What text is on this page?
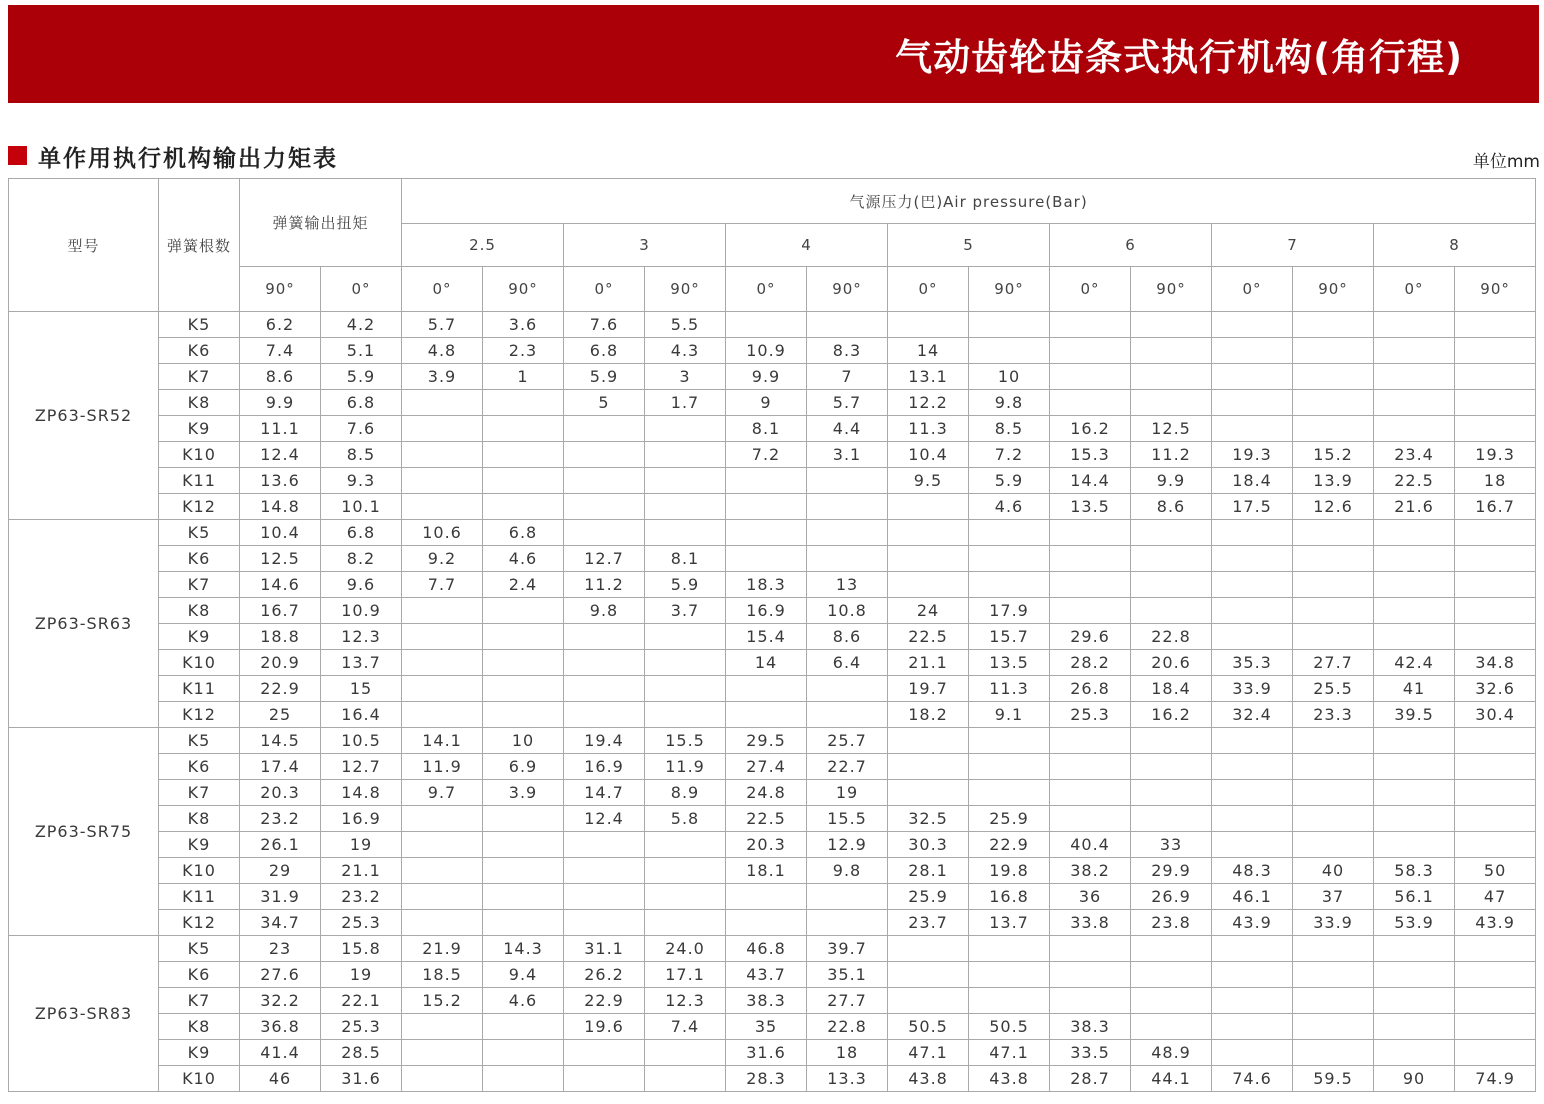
气动齿轮齿条式执行机构(角行程)
单作用执行机构输出力矩表	单位mm
型号	弹簧根数	弹簧输出扭矩		气源压力(巴)Air pressure(Bar)													
				2.5		3		4		5		6		7		8	
		90°	0°	0°	90°	0°	90°	0°	90°	0°	90°	0°	90°	0°	90°	0°	90°
ZP63-SR52	K5	6.2	4.2	5.7	3.6	7.6	5.5										
	K6	7.4	5.1	4.8	2.3	6.8	4.3	10.9	8.3	14							
	K7	8.6	5.9	3.9	1	5.9	3	9.9	7	13.1	10						
	K8	9.9	6.8			5	1.7	9	5.7	12.2	9.8						
	K9	11.1	7.6					8.1	4.4	11.3	8.5	16.2	12.5				
	K10	12.4	8.5					7.2	3.1	10.4	7.2	15.3	11.2	19.3	15.2	23.4	19.3
	K11	13.6	9.3							9.5	5.9	14.4	9.9	18.4	13.9	22.5	18
	K12	14.8	10.1								4.6	13.5	8.6	17.5	12.6	21.6	16.7
ZP63-SR63	K5	10.4	6.8	10.6	6.8												
	K6	12.5	8.2	9.2	4.6	12.7	8.1										
	K7	14.6	9.6	7.7	2.4	11.2	5.9	18.3	13								
	K8	16.7	10.9			9.8	3.7	16.9	10.8	24	17.9						
	K9	18.8	12.3					15.4	8.6	22.5	15.7	29.6	22.8				
	K10	20.9	13.7					14	6.4	21.1	13.5	28.2	20.6	35.3	27.7	42.4	34.8
	K11	22.9	15							19.7	11.3	26.8	18.4	33.9	25.5	41	32.6
	K12	25	16.4							18.2	9.1	25.3	16.2	32.4	23.3	39.5	30.4
ZP63-SR75	K5	14.5	10.5	14.1	10	19.4	15.5	29.5	25.7								
	K6	17.4	12.7	11.9	6.9	16.9	11.9	27.4	22.7								
	K7	20.3	14.8	9.7	3.9	14.7	8.9	24.8	19								
	K8	23.2	16.9			12.4	5.8	22.5	15.5	32.5	25.9						
	K9	26.1	19					20.3	12.9	30.3	22.9	40.4	33				
	K10	29	21.1					18.1	9.8	28.1	19.8	38.2	29.9	48.3	40	58.3	50
	K11	31.9	23.2							25.9	16.8	36	26.9	46.1	37	56.1	47
	K12	34.7	25.3							23.7	13.7	33.8	23.8	43.9	33.9	53.9	43.9
ZP63-SR83	K5	23	15.8	21.9	14.3	31.1	24.0	46.8	39.7								
	K6	27.6	19	18.5	9.4	26.2	17.1	43.7	35.1								
	K7	32.2	22.1	15.2	4.6	22.9	12.3	38.3	27.7								
	K8	36.8	25.3			19.6	7.4	35	22.8	50.5	50.5	38.3					
	K9	41.4	28.5					31.6	18	47.1	47.1	33.5	48.9				
	K10	46	31.6					28.3	13.3	43.8	43.8	28.7	44.1	74.6	59.5	90	74.9
